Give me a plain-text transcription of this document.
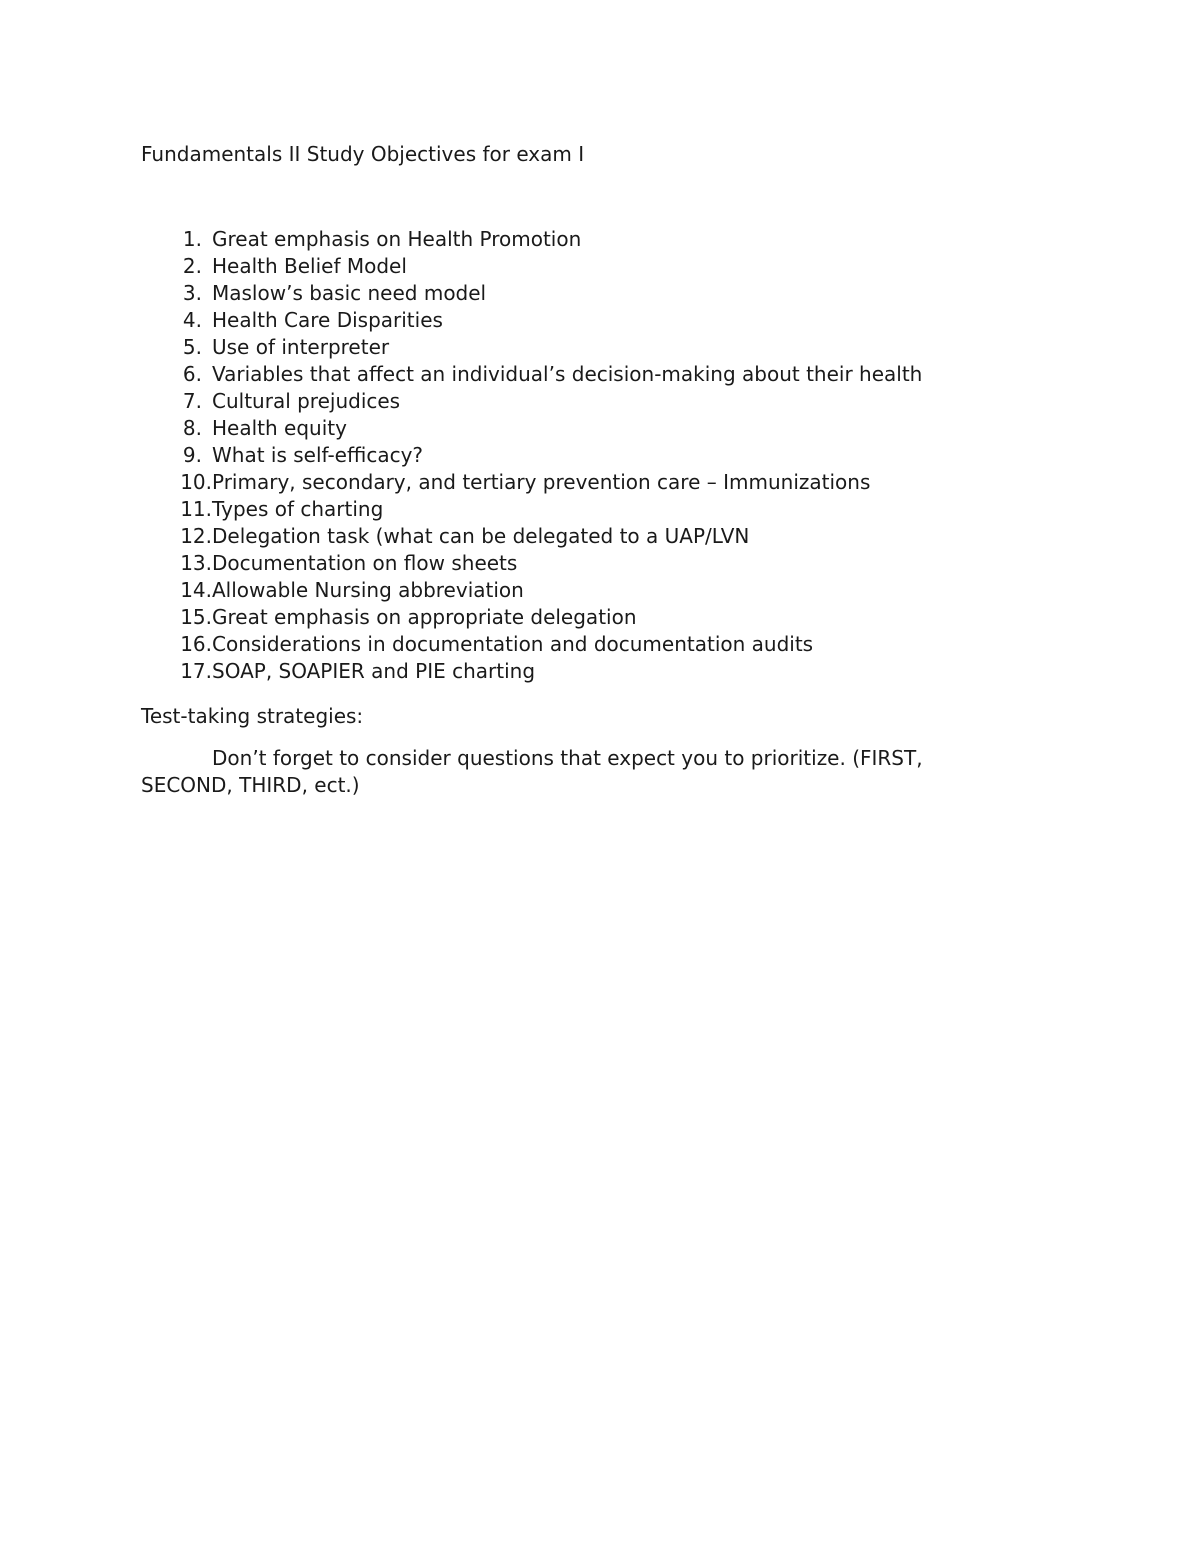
Fundamentals II Study Objectives for exam I
1. Great emphasis on Health Promotion
2. Health Belief Model
3. Maslow’s basic need model
4. Health Care Disparities
5. Use of interpreter
6. Variables that affect an individual’s decision-making about their health
7. Cultural prejudices
8. Health equity
9. What is self-efficacy?
10.Primary, secondary, and tertiary prevention care – Immunizations
11.Types of charting
12.Delegation task (what can be delegated to a UAP/LVN
13.Documentation on flow sheets
14.Allowable Nursing abbreviation
15.Great emphasis on appropriate delegation
16.Considerations in documentation and documentation audits
17.SOAP, SOAPIER and PIE charting
Test-taking strategies:

Don’t forget to consider questions that expect you to prioritize. (FIRST, SECOND, THIRD, ect.)
